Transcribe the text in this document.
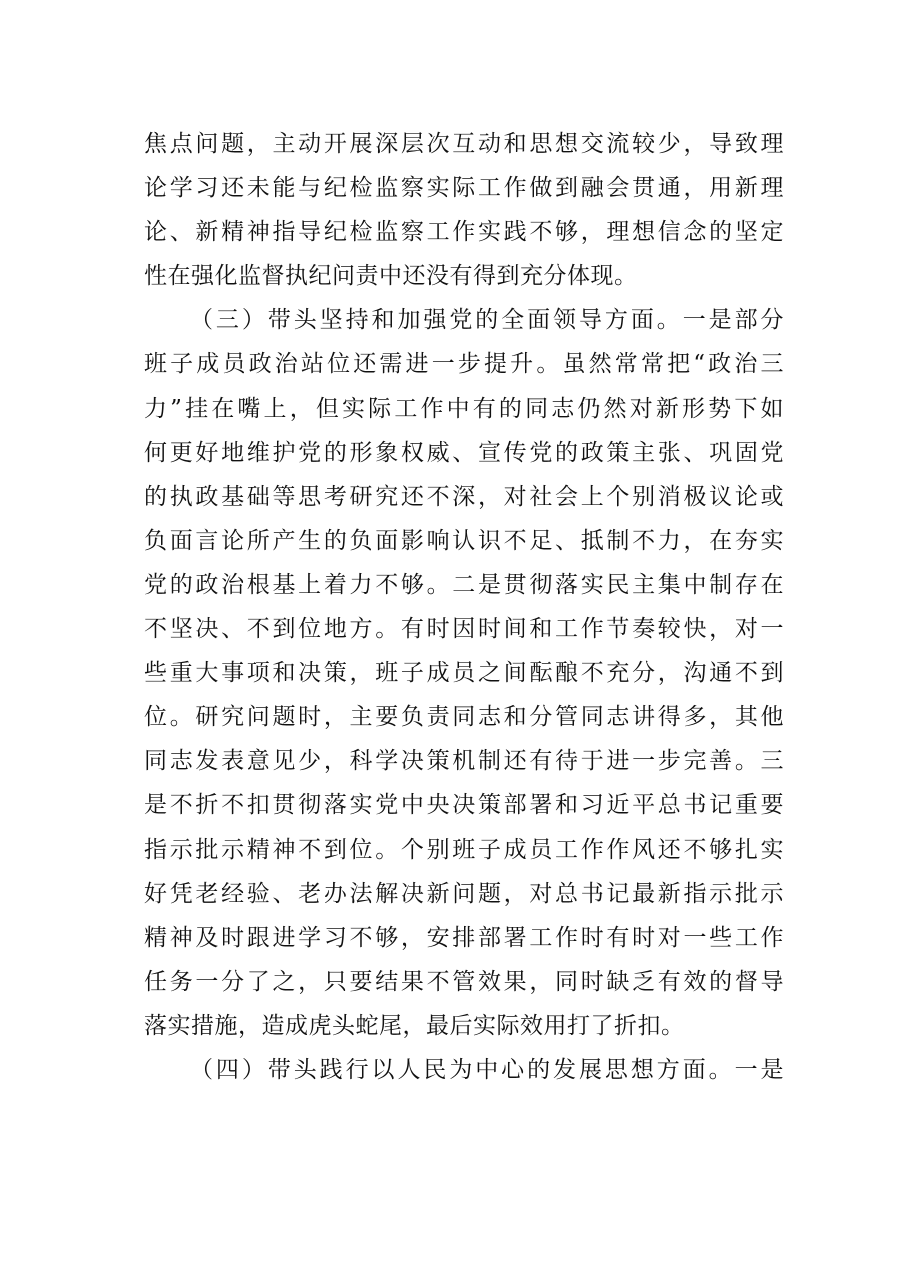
焦点问题，主动开展深层次互动和思想交流较少，导致理
论学习还未能与纪检监察实际工作做到融会贯通，用新理
论、新精神指导纪检监察工作实践不够，理想信念的坚定
性在强化监督执纪问责中还没有得到充分体现。
（三）带头坚持和加强党的全面领导方面。一是部分
班子成员政治站位还需进一步提升。虽然常常把“政治三
力”挂在嘴上，但实际工作中有的同志仍然对新形势下如
何更好地维护党的形象权威、宣传党的政策主张、巩固党
的执政基础等思考研究还不深，对社会上个别消极议论或
负面言论所产生的负面影响认识不足、抵制不力，在夯实
党的政治根基上着力不够。二是贯彻落实民主集中制存在
不坚决、不到位地方。有时因时间和工作节奏较快，对一
些重大事项和决策，班子成员之间酝酿不充分，沟通不到
位。研究问题时，主要负责同志和分管同志讲得多，其他
同志发表意见少，科学决策机制还有待于进一步完善。三
是不折不扣贯彻落实党中央决策部署和习近平总书记重要
指示批示精神不到位。个别班子成员工作作风还不够扎实
好凭老经验、老办法解决新问题，对总书记最新指示批示
精神及时跟进学习不够，安排部署工作时有时对一些工作
任务一分了之，只要结果不管效果，同时缺乏有效的督导
落实措施，造成虎头蛇尾，最后实际效用打了折扣。
（四）带头践行以人民为中心的发展思想方面。一是
